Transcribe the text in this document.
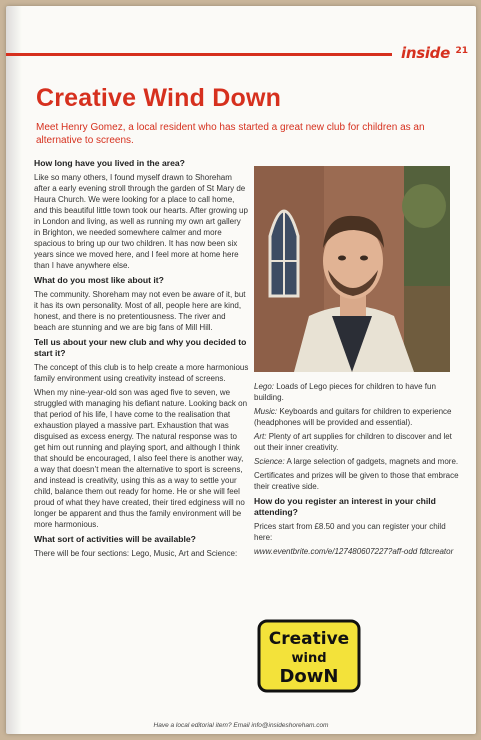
inside 21
Creative Wind Down

Meet Henry Gomez, a local resident who has started a great new club for children as an alternative to screens.

How long have you lived in the area?

Like so many others, I found myself drawn to Shoreham after a early evening stroll through the garden of St Mary de Haura Church. We were looking for a place to call home, and this beautiful little town took our hearts. After growing up in London and living, as well as running my own art gallery in Brighton, we needed somewhere calmer and more spacious to bring up our two children. It has now been six years since we moved here, and I feel more at home here than I have anywhere else.

What do you most like about it?

The community. Shoreham may not even be aware of it, but it has its own personality. Most of all, people here are kind, honest, and there is no pretentiousness. The river and beach are stunning and we are big fans of Mill Hill.

Tell us about your new club and why you decided to start it?

The concept of this club is to help create a more harmonious family environment using creativity instead of screens.

When my nine-year-old son was aged five to seven, we struggled with managing his defiant nature. Looking back on that period of his life, I have come to the realisation that exhaustion played a massive part. Exhaustion that was disguised as excess energy. The natural response was to get him out running and playing sport, and although I think that should be encouraged, I also feel there is another way, a way that doesn’t mean the alternative to sport is screens, and instead is creativity, using this as a way to settle your child, balance them out ready for home. He or she will feel proud of what they have created, their tired edginess will no longer be apparent and thus the family environment will be more harmonious.

What sort of activities will be available?

There will be four sections: Lego, Music, Art and Science:

Lego: Loads of Lego pieces for children to have fun building.

Music: Keyboards and guitars for children to experience (headphones will be provided and essential).

Art: Plenty of art supplies for children to discover and let out their inner creativity.

Science: A large selection of gadgets, magnets and more.

Certificates and prizes will be given to those that embrace their creative side.

How do you register an interest in your child attending?

Prices start from £8.50 and you can register your child here:

www.eventbrite.com/e/127480607227?aff-odd fdtcreator

Creative
wind
DowN
Have a local editorial item? Email info@insideshoreham.com
